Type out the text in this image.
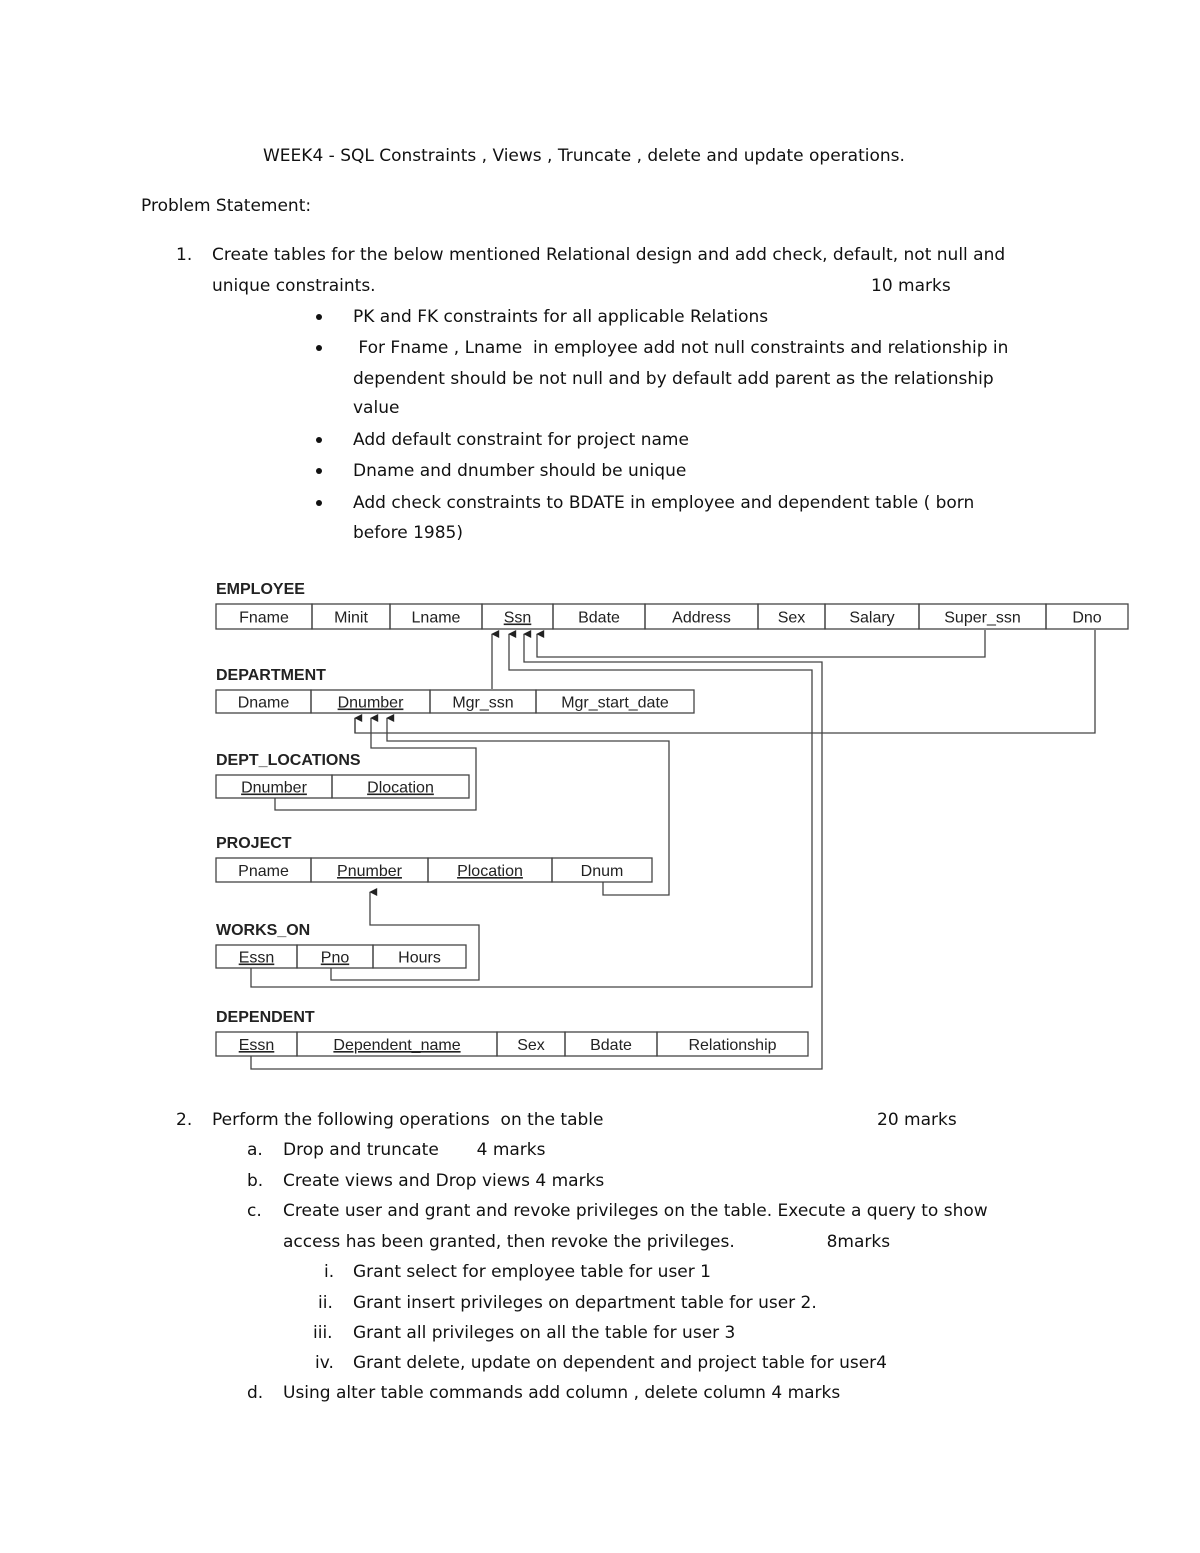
WEEK4 - SQL Constraints , Views , Truncate , delete and update operations.
Problem Statement:
1. Create tables for the below mentioned Relational design and add check, default, not null and
unique constraints.	10 marks
PK and FK constraints for all applicable Relations
For Fname , Lname  in employee add not null constraints and relationship in
dependent should be not null and by default add parent as the relationship
value
Add default constraint for project name
Dname and dnumber should be unique
Add check constraints to BDATE in employee and dependent table ( born
before 1985)
EMPLOYEE
Fname	Minit	Lname	Ssn	Bdate	Address	Sex	Salary	Super_ssn	Dno
DEPARTMENT
Dname	Dnumber	Mgr_ssn	Mgr_start_date
DEPT_LOCATIONS
Dnumber	Dlocation
PROJECT
Pname	Pnumber	Plocation	Dnum
WORKS_ON
Essn	Pno	Hours
DEPENDENT
Essn	Dependent_name	Sex	Bdate	Relationship
2. Perform the following operations  on the table	20 marks
a. Drop and truncate       4 marks
b. Create views and Drop views 4 marks
c. Create user and grant and revoke privileges on the table. Execute a query to show
access has been granted, then revoke the privileges.                 8marks
i. Grant select for employee table for user 1
ii. Grant insert privileges on department table for user 2.
iii. Grant all privileges on all the table for user 3
iv. Grant delete, update on dependent and project table for user4
d. Using alter table commands add column , delete column 4 marks
